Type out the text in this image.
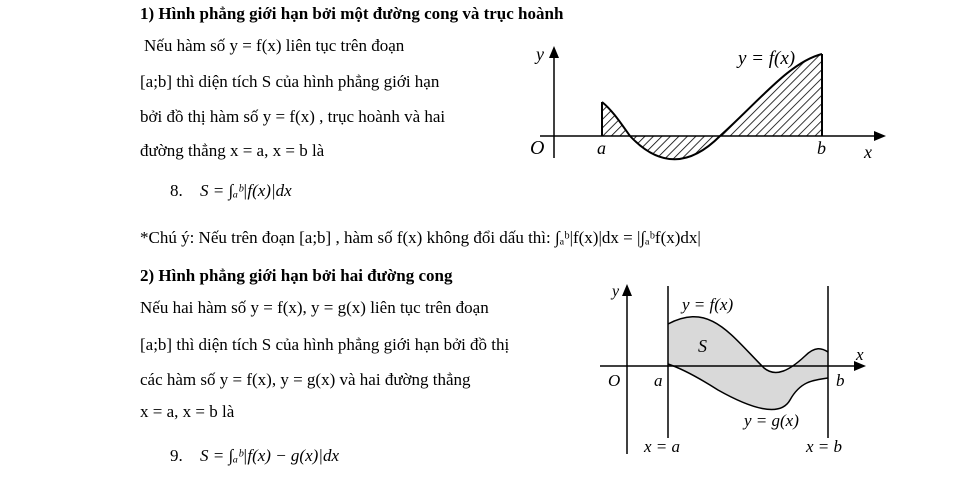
1) Hình phẳng giới hạn bởi một đường cong và trục hoành
Nếu hàm số y = f(x) liên tục trên đoạn
[a;b] thì diện tích S của hình phẳng giới hạn
bởi đồ thị hàm số y = f(x) , trục hoành và hai
đường thẳng x = a, x = b là
8. S = ∫ₐᵇ|f(x)|dx
*Chú ý: Nếu trên đoạn [a;b] , hàm số f(x) không đổi dấu thì: ∫ₐᵇ|f(x)|dx = |∫ₐᵇf(x)dx|
y
x
O	a	b
y = f(x)
2) Hình phẳng giới hạn bởi hai đường cong
Nếu hai hàm số y = f(x), y = g(x) liên tục trên đoạn
[a;b] thì diện tích S của hình phẳng giới hạn bởi đồ thị
các hàm số y = f(x), y = g(x) và hai đường thẳng
x = a, x = b là
9. S = ∫ₐᵇ|f(x) − g(x)|dx
y
x
O a	b
S
y = f(x)
y = g(x)
x = a	x = b
